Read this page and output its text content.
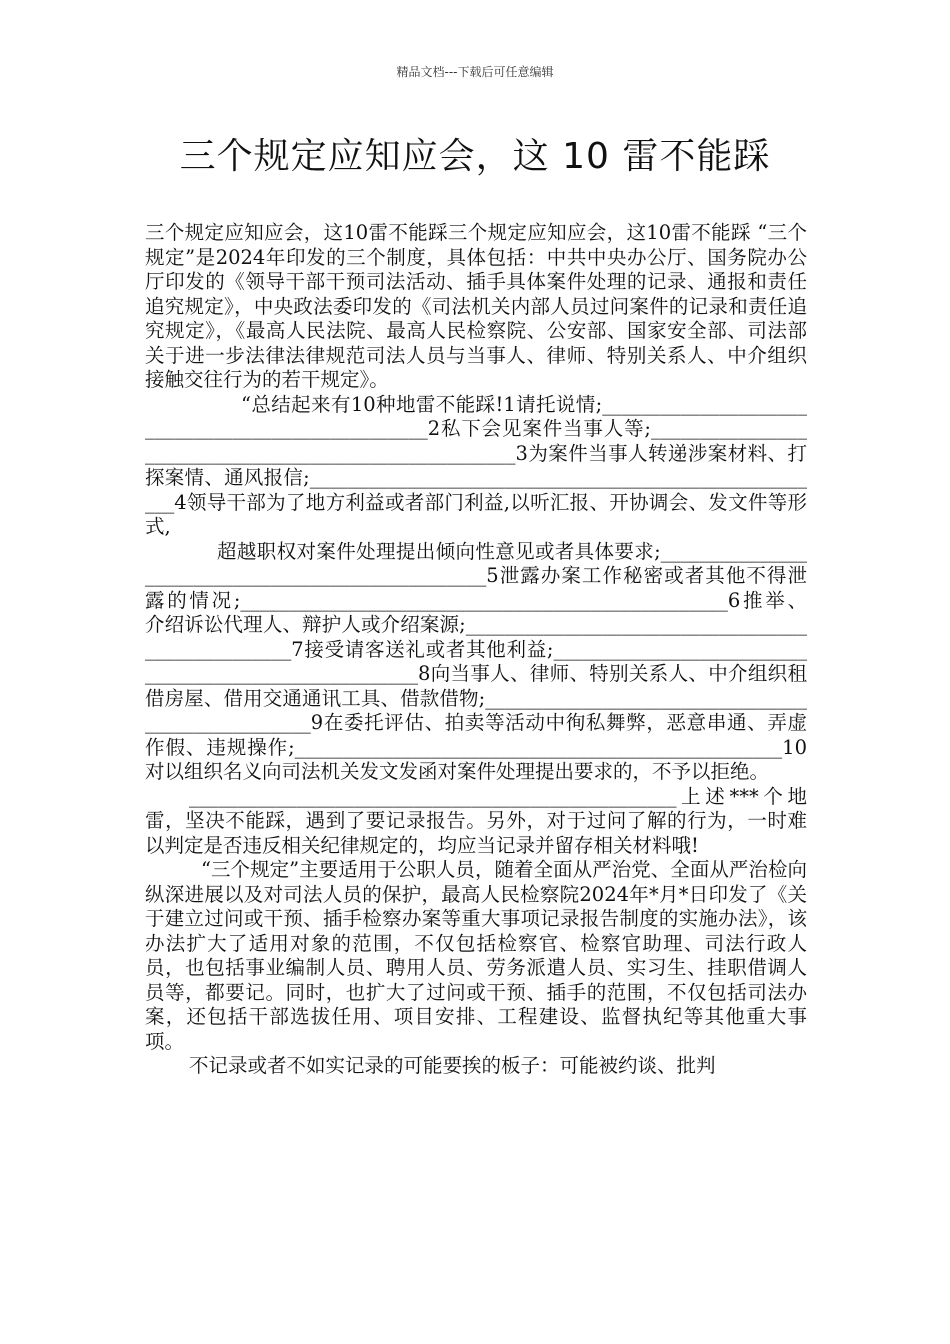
精品文档---下载后可任意编辑
三个规定应知应会，这 10 雷不能踩

三个规定应知应会，这10雷不能踩三个规定应知应会，这10雷不能踩 “三个规定”是2024年印发的三个制度，具体包括：中共中央办公厅、国务院办公厅印发的《领导干部干预司法活动、插手具体案件处理的记录、通报和责任追究规定》，中央政法委印发的《司法机关内部人员过问案件的记录和责任追究规定》，《最高人民法院、最高人民检察院、公安部、国家安全部、司法部关于进一步法律法律规范司法人员与当事人、律师、特别关系人、中介组织接触交往行为的若干规定》。

“总结起来有10种地雷不能踩!1请托说情;__________________________________________________2私下会见案件当事人等;______________________________________________________3为案件当事人转递涉案材料、打探案情、通风报信;______________________________________________________4领导干部为了地方利益或者部门利益,以听汇报、开协调会、发文件等形式,

超越职权对案件处理提出倾向性意见或者具体要求;__________________________________________________5泄露办案工作秘密或者其他不得泄露的情况;__________________________________________________6推举、介绍诉讼代理人、辩护人或介绍案源;__________________________________________________7接受请客送礼或者其他利益;______________________________________________________8向当事人、律师、特别关系人、中介组织租借房屋、借用交通通讯工具、借款借物;__________________________________________________9在委托评估、拍卖等活动中徇私舞弊，恶意串通、弄虚作假、违规操作;__________________________________________________10对以组织名义向司法机关发文发函对案件处理提出要求的，不予以拒绝。

__________________________________________________上述***个地雷，坚决不能踩，遇到了要记录报告。另外，对于过问了解的行为，一时难以判定是否违反相关纪律规定的，均应当记录并留存相关材料哦!

“三个规定”主要适用于公职人员，随着全面从严治党、全面从严治检向纵深进展以及对司法人员的保护，最高人民检察院2024年*月*日印发了《关于建立过问或干预、插手检察办案等重大事项记录报告制度的实施办法》，该办法扩大了适用对象的范围，不仅包括检察官、检察官助理、司法行政人员，也包括事业编制人员、聘用人员、劳务派遣人员、实习生、挂职借调人员等，都要记。同时，也扩大了过问或干预、插手的范围，不仅包括司法办案，还包括干部选拔任用、项目安排、工程建设、监督执纪等其他重大事项。

不记录或者不如实记录的可能要挨的板子：可能被约谈、批判
